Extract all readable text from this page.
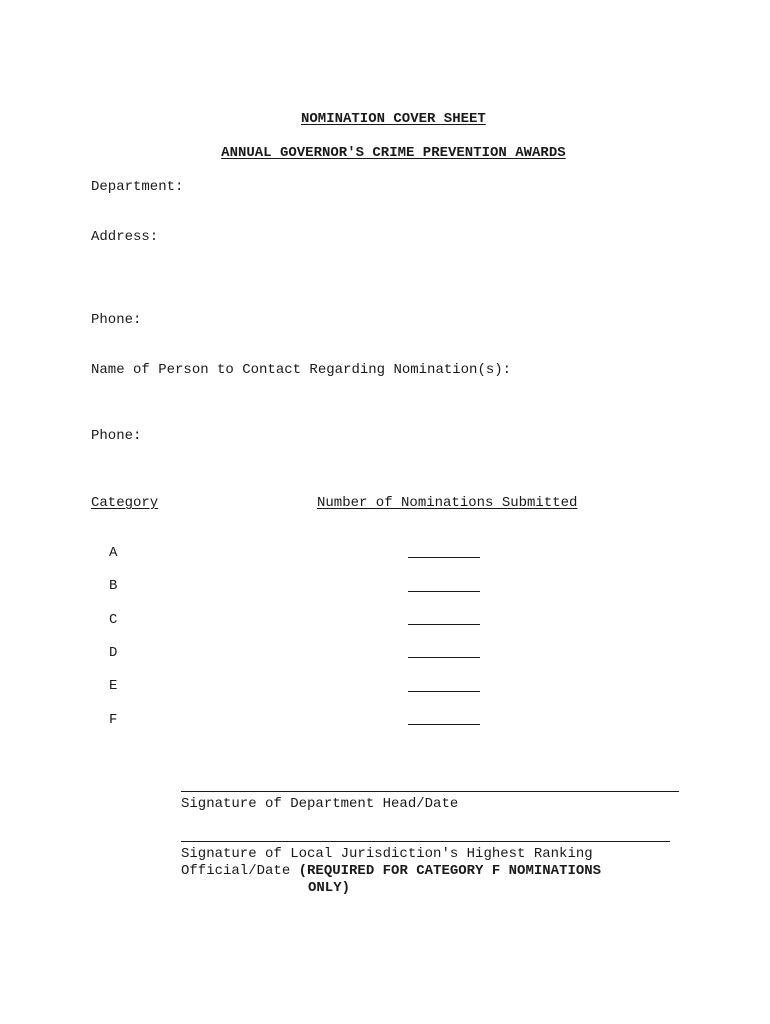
NOMINATION COVER SHEET

ANNUAL GOVERNOR'S CRIME PREVENTION AWARDS

Department:
Address:
Phone:
Name of Person to Contact Regarding Nomination(s):
Phone:
Category	Number of Nominations Submitted
A
B
C
D
E
F
Signature of Department Head/Date
Signature of Local Jurisdiction's Highest Ranking
Official/Date (REQUIRED FOR CATEGORY F NOMINATIONS
ONLY)
